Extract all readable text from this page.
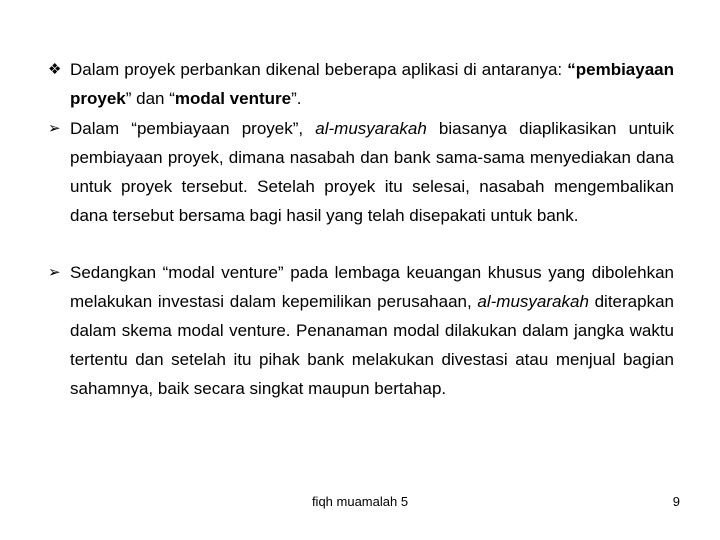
❖ Dalam proyek perbankan dikenal beberapa aplikasi di antaranya: “pembiayaan proyek” dan “modal venture”.
➢ Dalam “pembiayaan proyek”, al-musyarakah biasanya diaplikasikan untuik pembiayaan proyek, dimana nasabah dan bank sama-sama menyediakan dana untuk proyek tersebut. Setelah proyek itu selesai, nasabah mengembalikan dana tersebut bersama bagi hasil yang telah disepakati untuk bank.
➢ Sedangkan “modal venture” pada lembaga keuangan khusus yang dibolehkan melakukan investasi dalam kepemilikan perusahaan, al-musyarakah diterapkan dalam skema modal venture. Penanaman modal dilakukan dalam jangka waktu tertentu dan setelah itu pihak bank melakukan divestasi atau menjual bagian sahamnya, baik secara singkat maupun bertahap.
fiqh muamalah 5	9
